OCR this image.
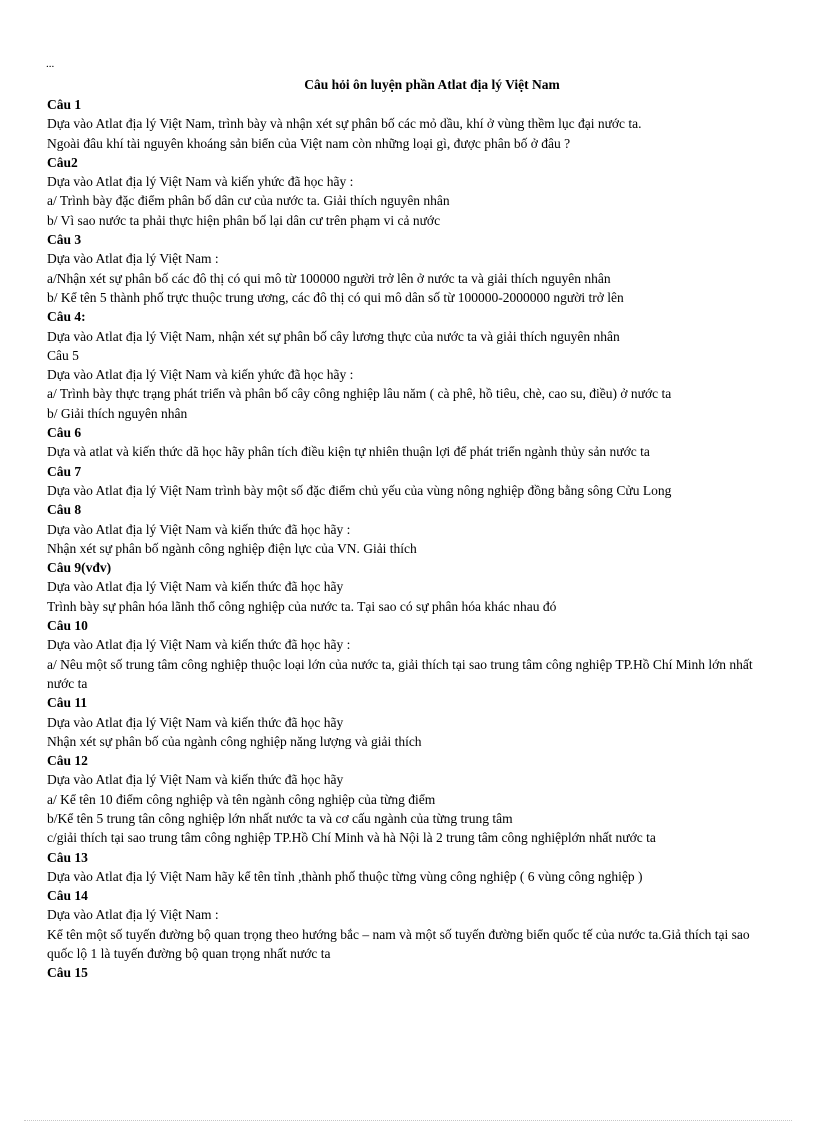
...
Câu hỏi ôn luyện phần Atlat địa lý Việt Nam
Câu 1
Dựa vào Atlat địa lý Việt Nam, trình bày và nhận xét sự phân bố các mỏ dầu, khí ở vùng thềm lục đại nước ta.
Ngoài đâu khí tài nguyên khoáng sản biển của Việt nam còn những loại gì, được phân bố ở đâu ?
Câu2
Dựa vào Atlat địa lý Việt Nam và kiến yhức đã học hãy :
a/ Trình bày đặc điểm phân bố dân cư của nước ta. Giải thích nguyên nhân
b/ Vì sao nước ta phải thực hiện phân bố lại dân cư trên phạm vi cả nước
Câu 3
Dựa vào Atlat địa lý Việt Nam :
a/Nhận xét sự phân bố các đô thị có qui mô từ 100000 người trở lên ở nước ta và giải thích nguyên nhân
b/ Kể tên 5 thành phố trực thuộc trung ương, các đô thị có qui mô dân số từ 100000-2000000 người trở lên
Câu 4:
Dựa vào Atlat địa lý Việt Nam, nhận xét sự phân bố cây lương thực của nước ta và giải thích nguyên nhân
Câu 5
Dựa vào Atlat địa lý Việt Nam và kiến yhức đã học hãy :
a/ Trình bày thực trạng phát triển và phân bố cây công nghiệp lâu năm ( cà phê, hồ tiêu, chè, cao su, điều) ở nước ta
b/ Giải thích nguyên nhân
Câu 6
Dựa và atlat và kiến thức dã học hãy phân tích điều kiện tự nhiên thuận lợi để phát triển ngành thủy sản nước ta
Câu 7
Dựa vào Atlat địa lý Việt Nam trình bày một số đặc điểm chủ yếu của vùng nông nghiệp đồng bằng sông Cửu Long
Câu 8
Dựa vào Atlat địa lý Việt Nam và kiến thức đã học hãy :
Nhận xét sự phân bố ngành công nghiệp điện lực của VN. Giải thích
Câu 9(vđv)
Dựa vào Atlat địa lý Việt Nam và kiến thức đã học hãy
Trình bày sự phân hóa lãnh thổ công nghiệp của nước ta. Tại sao có sự phân hóa khác nhau đó
Câu 10
Dựa vào Atlat địa lý Việt Nam và kiến thức đã học hãy :
a/ Nêu một số trung tâm công nghiệp thuộc loại lớn của nước ta, giải thích tại sao trung tâm công nghiệp TP.Hồ Chí Minh lớn nhất nước ta
Câu 11
Dựa vào Atlat địa lý Việt Nam và kiến thức đã học hãy
Nhận xét sự phân bố của ngành công nghiệp năng lượng và giải thích
Câu 12
Dựa vào Atlat địa lý Việt Nam và kiến thức đã học hãy
a/ Kể tên 10 điểm công nghiệp và tên ngành công nghiệp của từng điểm
b/Kể tên 5 trung tân công nghiệp lớn nhất nước ta và cơ cấu ngành của từng trung tâm
c/giải thích tại sao trung tâm công nghiệp TP.Hồ Chí Minh và hà Nội là 2 trung tâm công nghiệplớn nhất nước ta
Câu 13
Dựa vào Atlat địa lý Việt Nam hãy kể tên tỉnh ,thành phố thuộc từng vùng công nghiệp ( 6 vùng công nghiệp )
Câu 14
Dựa vào Atlat địa lý Việt Nam :
Kể tên một số tuyến đường bộ quan trọng theo hướng bắc – nam và một số tuyến đường biển quốc tế của nước ta.Giả thích tại sao quốc lộ 1 là tuyến đường bộ quan trọng nhất nước ta
Câu 15
